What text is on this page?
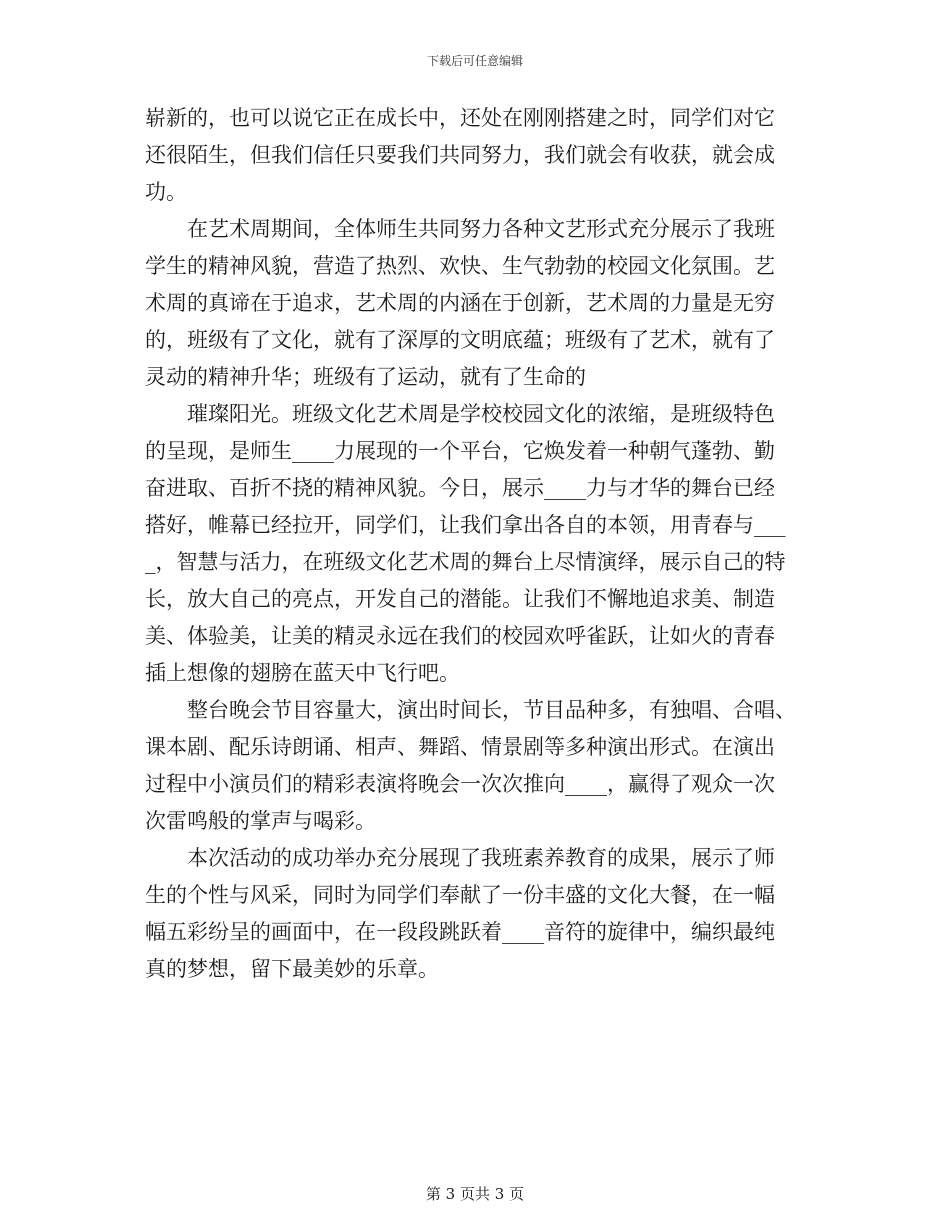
下载后可任意编辑
崭新的，也可以说它正在成长中，还处在刚刚搭建之时，同学们对它
还很陌生，但我们信任只要我们共同努力，我们就会有收获，就会成
功。
在艺术周期间，全体师生共同努力各种文艺形式充分展示了我班
学生的精神风貌，营造了热烈、欢快、生气勃勃的校园文化氛围。艺
术周的真谛在于追求，艺术周的内涵在于创新，艺术周的力量是无穷
的，班级有了文化，就有了深厚的文明底蕴；班级有了艺术，就有了
灵动的精神升华；班级有了运动，就有了生命的
璀璨阳光。班级文化艺术周是学校校园文化的浓缩，是班级特色
的呈现，是师生____力展现的一个平台，它焕发着一种朝气蓬勃、勤
奋进取、百折不挠的精神风貌。今日，展示____力与才华的舞台已经
搭好，帷幕已经拉开，同学们，让我们拿出各自的本领，用青春与___
_，智慧与活力，在班级文化艺术周的舞台上尽情演绎，展示自己的特
长，放大自己的亮点，开发自己的潜能。让我们不懈地追求美、制造
美、体验美，让美的精灵永远在我们的校园欢呼雀跃，让如火的青春
插上想像的翅膀在蓝天中飞行吧。
整台晚会节目容量大，演出时间长，节目品种多，有独唱、合唱、
课本剧、配乐诗朗诵、相声、舞蹈、情景剧等多种演出形式。在演出
过程中小演员们的精彩表演将晚会一次次推向____，赢得了观众一次
次雷鸣般的掌声与喝彩。
本次活动的成功举办充分展现了我班素养教育的成果，展示了师
生的个性与风采，同时为同学们奉献了一份丰盛的文化大餐，在一幅
幅五彩纷呈的画面中，在一段段跳跃着____音符的旋律中，编织最纯
真的梦想，留下最美妙的乐章。
第 3 页共 3 页
